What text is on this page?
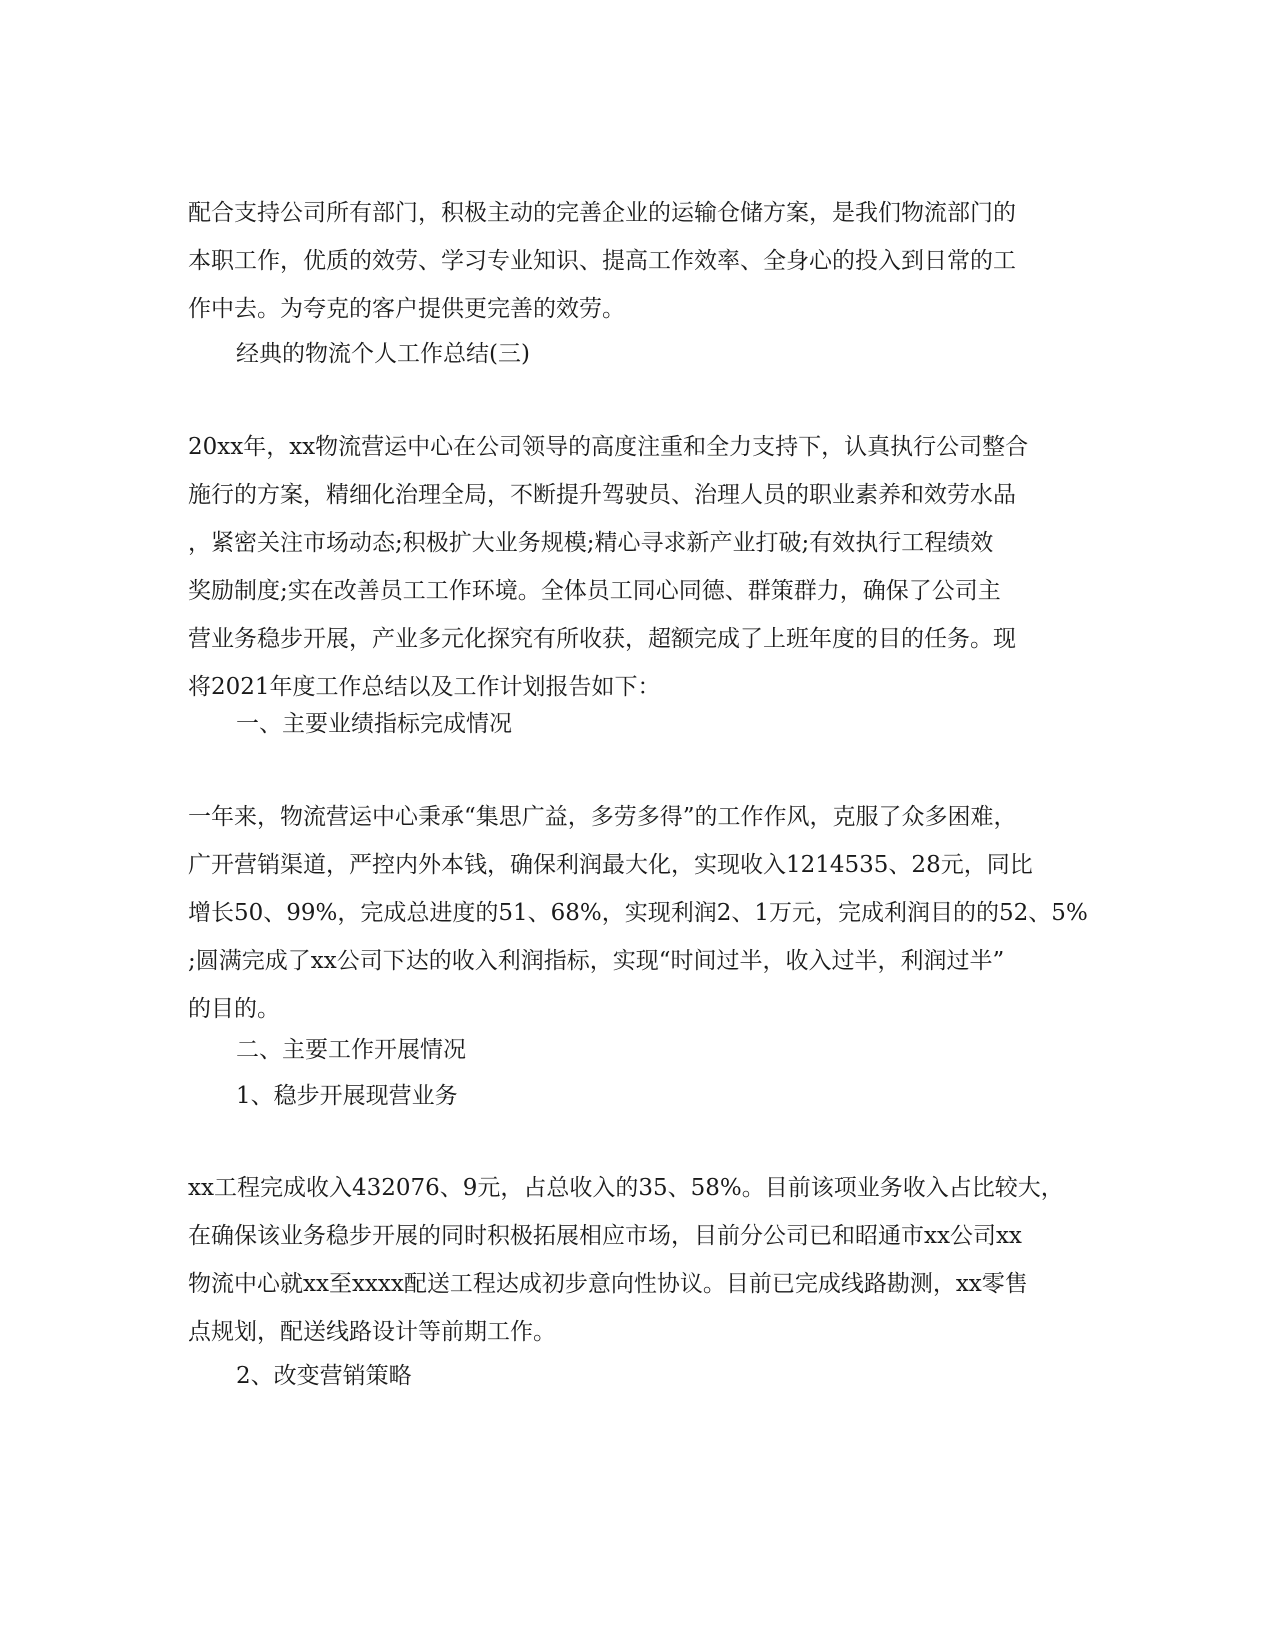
配合支持公司所有部门，积极主动的完善企业的运输仓储方案，是我们物流部门的
本职工作，优质的效劳、学习专业知识、提高工作效率、全身心的投入到日常的工
作中去。为夸克的客户提供更完善的效劳。
经典的物流个人工作总结(三)
20xx年，xx物流营运中心在公司领导的高度注重和全力支持下，认真执行公司整合
施行的方案，精细化治理全局，不断提升驾驶员、治理人员的职业素养和效劳水品
，紧密关注市场动态;积极扩大业务规模;精心寻求新产业打破;有效执行工程绩效
奖励制度;实在改善员工工作环境。全体员工同心同德、群策群力，确保了公司主
营业务稳步开展，产业多元化探究有所收获，超额完成了上班年度的目的任务。现
将2021年度工作总结以及工作计划报告如下：
一、主要业绩指标完成情况
一年来，物流营运中心秉承“集思广益，多劳多得”的工作作风，克服了众多困难，
广开营销渠道，严控内外本钱，确保利润最大化，实现收入1214535、28元，同比
增长50、99%，完成总进度的51、68%，实现利润2、1万元，完成利润目的的52、5%
;圆满完成了xx公司下达的收入利润指标，实现“时间过半，收入过半，利润过半”
的目的。
二、主要工作开展情况
1、稳步开展现营业务
xx工程完成收入432076、9元，占总收入的35、58%。目前该项业务收入占比较大，
在确保该业务稳步开展的同时积极拓展相应市场，目前分公司已和昭通市xx公司xx
物流中心就xx至xxxx配送工程达成初步意向性协议。目前已完成线路勘测，xx零售
点规划，配送线路设计等前期工作。
2、改变营销策略
